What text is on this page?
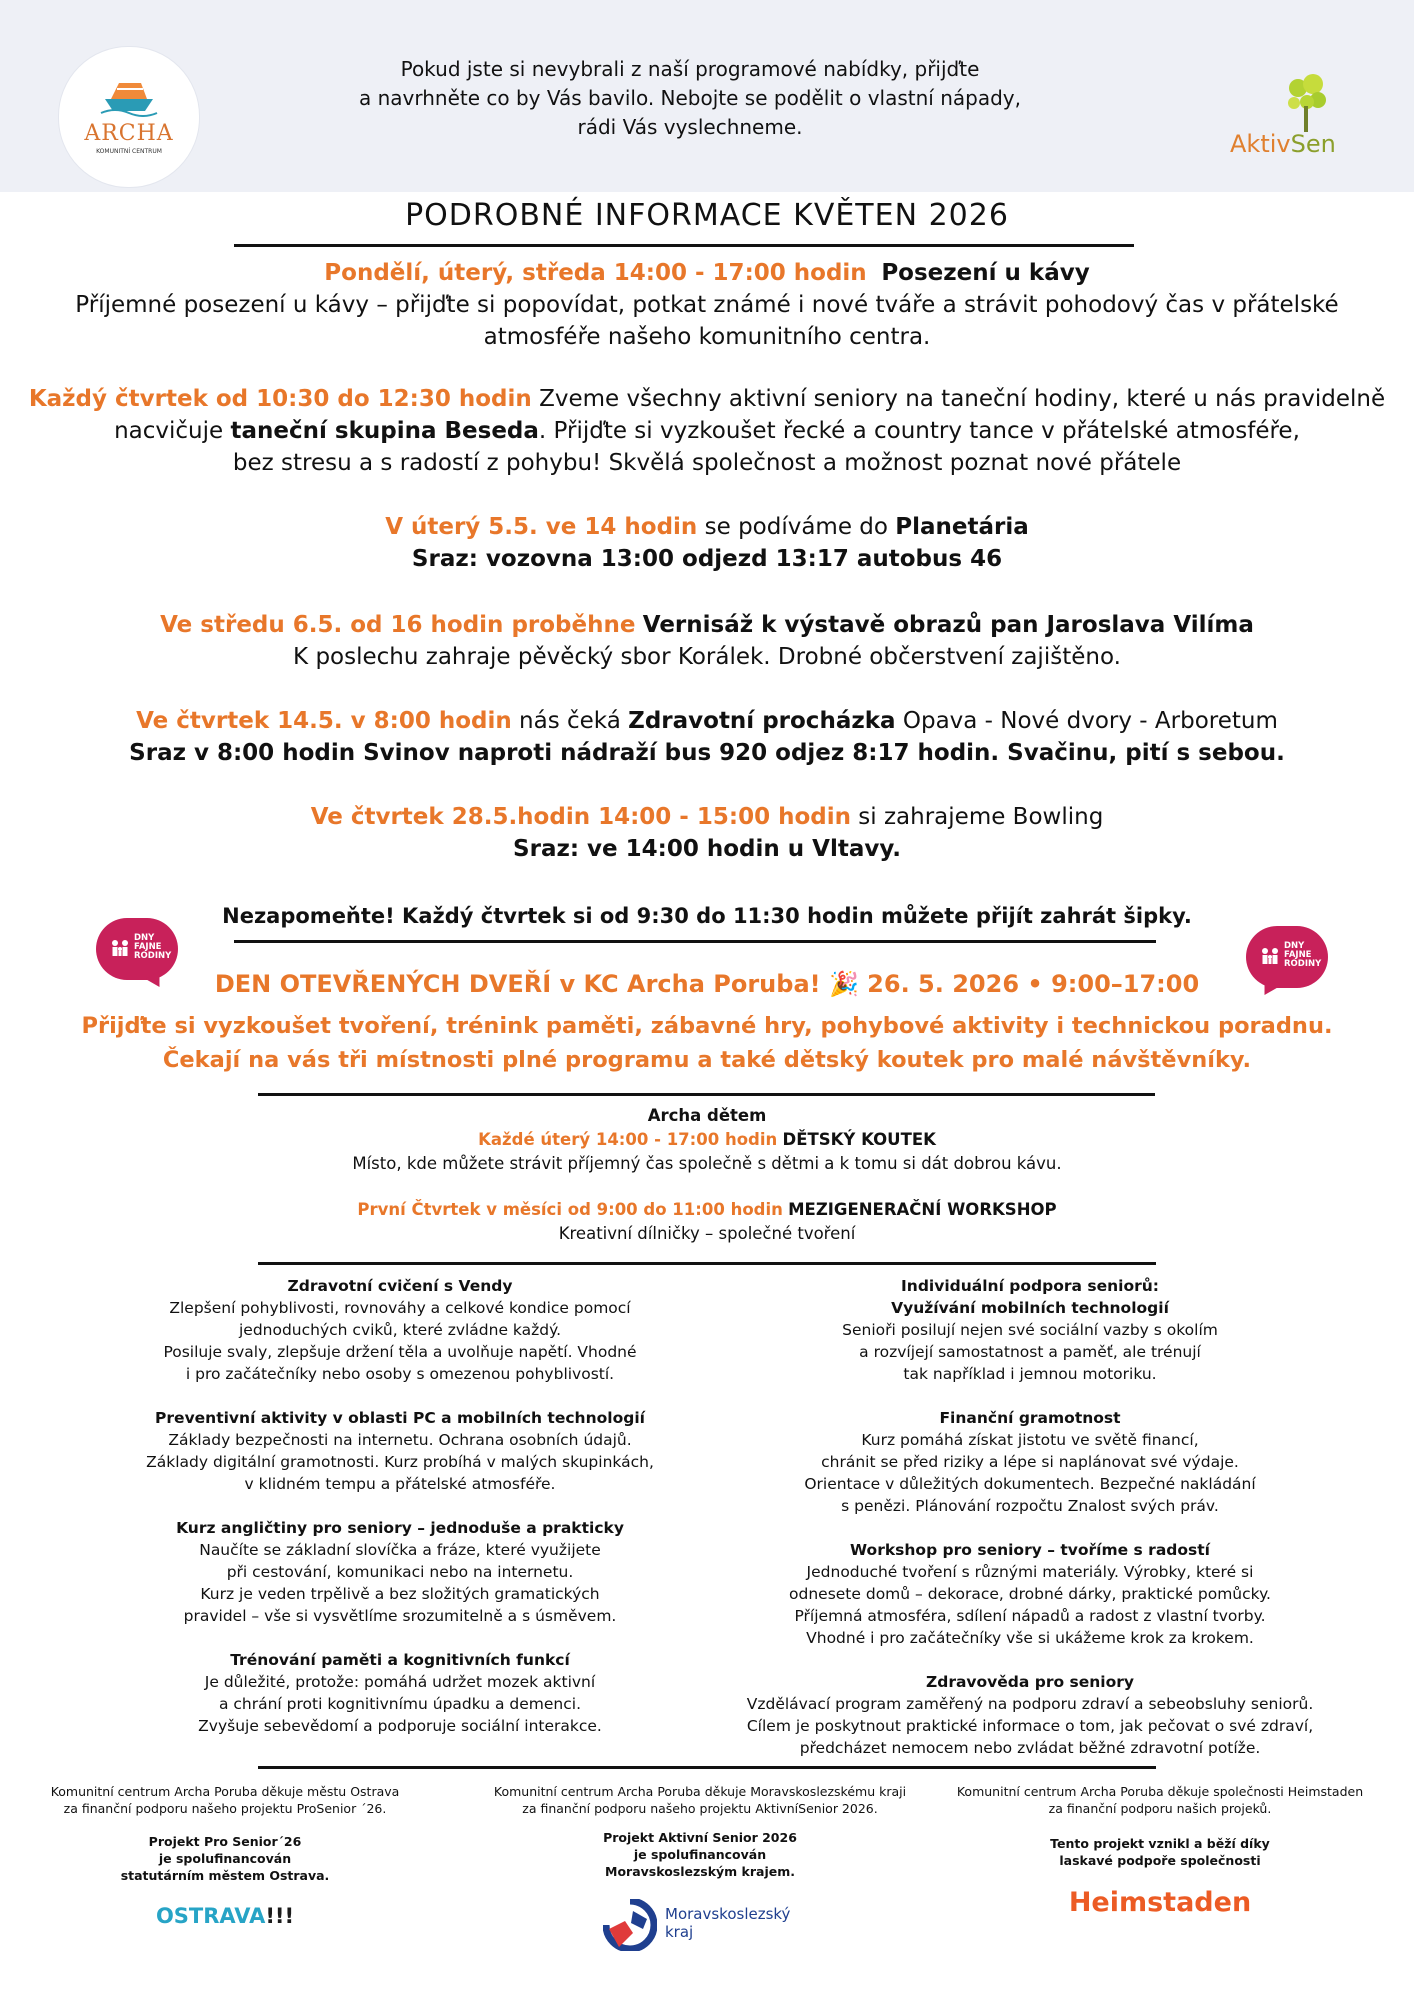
ARCHA
KOMUNITNÍ CENTRUM
Pokud jste si nevybrali z naší programové nabídky, přijďte
a navrhněte co by Vás bavilo. Nebojte se podělit o vlastní nápady,
rádi Vás vyslechneme.
AktivSen
PODROBNÉ INFORMACE KVĚTEN 2026
Pondělí, úterý, středa 14:00 - 17:00 hodin Posezení u kávy
Příjemné posezení u kávy – přijďte si popovídat, potkat známé i nové tváře a strávit pohodový čas v přátelské
atmosféře našeho komunitního centra.
Každý čtvrtek od 10:30 do 12:30 hodin Zveme všechny aktivní seniory na taneční hodiny, které u nás pravidelně
nacvičuje taneční skupina Beseda. Přijďte si vyzkoušet řecké a country tance v přátelské atmosféře,
bez stresu a s radostí z pohybu! Skvělá společnost a možnost poznat nové přátele
V úterý 5.5. ve 14 hodin se podíváme do Planetária
Sraz: vozovna 13:00 odjezd 13:17 autobus 46
Ve středu 6.5. od 16 hodin proběhne Vernisáž k výstavě obrazů pan Jaroslava Vilíma
K poslechu zahraje pěvěcký sbor Korálek. Drobné občerstvení zajištěno.
Ve čtvrtek 14.5. v 8:00 hodin nás čeká Zdravotní procházka Opava - Nové dvory - Arboretum
Sraz v 8:00 hodin Svinov naproti nádraží bus 920 odjez 8:17 hodin. Svačinu, pití s sebou.
Ve čtvrtek 28.5.hodin 14:00 - 15:00 hodin si zahrajeme Bowling
Sraz: ve 14:00 hodin u Vltavy.
Nezapomeňte! Každý čtvrtek si od 9:30 do 11:30 hodin můžete přijít zahrát šipky.
DNY
FAJNE
RODINY
DNY
FAJNE
RODINY
DEN OTEVŘENÝCH DVEŘÍ v KC Archa Poruba! 🎉 26. 5. 2026 • 9:00–17:00
Přijďte si vyzkoušet tvoření, trénink paměti, zábavné hry, pohybové aktivity i technickou poradnu.
Čekají na vás tři místnosti plné programu a také dětský koutek pro malé návštěvníky.
Archa dětem
Každé úterý 14:00 - 17:00 hodin DĚTSKÝ KOUTEK
Místo, kde můžete strávit příjemný čas společně s dětmi a k tomu si dát dobrou kávu.
První Čtvrtek v měsíci od 9:00 do 11:00 hodin MEZIGENERAČNÍ WORKSHOP
Kreativní dílničky – společné tvoření
Zdravotní cvičení s Vendy
Zlepšení pohyblivosti, rovnováhy a celkové kondice pomocí
jednoduchých cviků, které zvládne každý.
Posiluje svaly, zlepšuje držení těla a uvolňuje napětí. Vhodné
i pro začátečníky nebo osoby s omezenou pohyblivostí.
Preventivní aktivity v oblasti PC a mobilních technologií
Základy bezpečnosti na internetu. Ochrana osobních údajů.
Základy digitální gramotnosti. Kurz probíhá v malých skupinkách,
v klidném tempu a přátelské atmosféře.
Kurz angličtiny pro seniory – jednoduše a prakticky
Naučíte se základní slovíčka a fráze, které využijete
při cestování, komunikaci nebo na internetu.
Kurz je veden trpělivě a bez složitých gramatických
pravidel – vše si vysvětlíme srozumitelně a s úsměvem.
Trénování paměti a kognitivních funkcí
Je důležité, protože: pomáhá udržet mozek aktivní
a chrání proti kognitivnímu úpadku a demenci.
Zvyšuje sebevědomí a podporuje sociální interakce.
Individuální podpora seniorů:
Využívání mobilních technologií
Senioři posilují nejen své sociální vazby s okolím
a rozvíjejí samostatnost a paměť, ale trénují
tak například i jemnou motoriku.
Finanční gramotnost
Kurz pomáhá získat jistotu ve světě financí,
chránit se před riziky a lépe si naplánovat své výdaje.
Orientace v důležitých dokumentech. Bezpečné nakládání
s penězi. Plánování rozpočtu Znalost svých práv.
Workshop pro seniory – tvoříme s radostí
Jednoduché tvoření s různými materiály. Výrobky, které si
odnesete domů – dekorace, drobné dárky, praktické pomůcky.
Příjemná atmosféra, sdílení nápadů a radost z vlastní tvorby.
Vhodné i pro začátečníky vše si ukážeme krok za krokem.
Zdravověda pro seniory
Vzdělávací program zaměřený na podporu zdraví a sebeobsluhy seniorů.
Cílem je poskytnout praktické informace o tom, jak pečovat o své zdraví,
předcházet nemocem nebo zvládat běžné zdravotní potíže.
Komunitní centrum Archa Poruba děkuje městu Ostrava
za finanční podporu našeho projektu ProSenior ´26.
Projekt Pro Senior´26
je spolufinancován
statutárním městem Ostrava.
OSTRAVA!!!
Komunitní centrum Archa Poruba děkuje Moravskoslezskému kraji
za finanční podporu našeho projektu AktivníSenior 2026.
Projekt Aktivní Senior 2026
je spolufinancován
Moravskoslezským krajem.
Moravskoslezský
kraj
Komunitní centrum Archa Poruba děkuje společnosti Heimstaden
za finanční podporu našich projeků.
Tento projekt vznikl a běží díky
laskavé podpoře společnosti
Heimstaden
